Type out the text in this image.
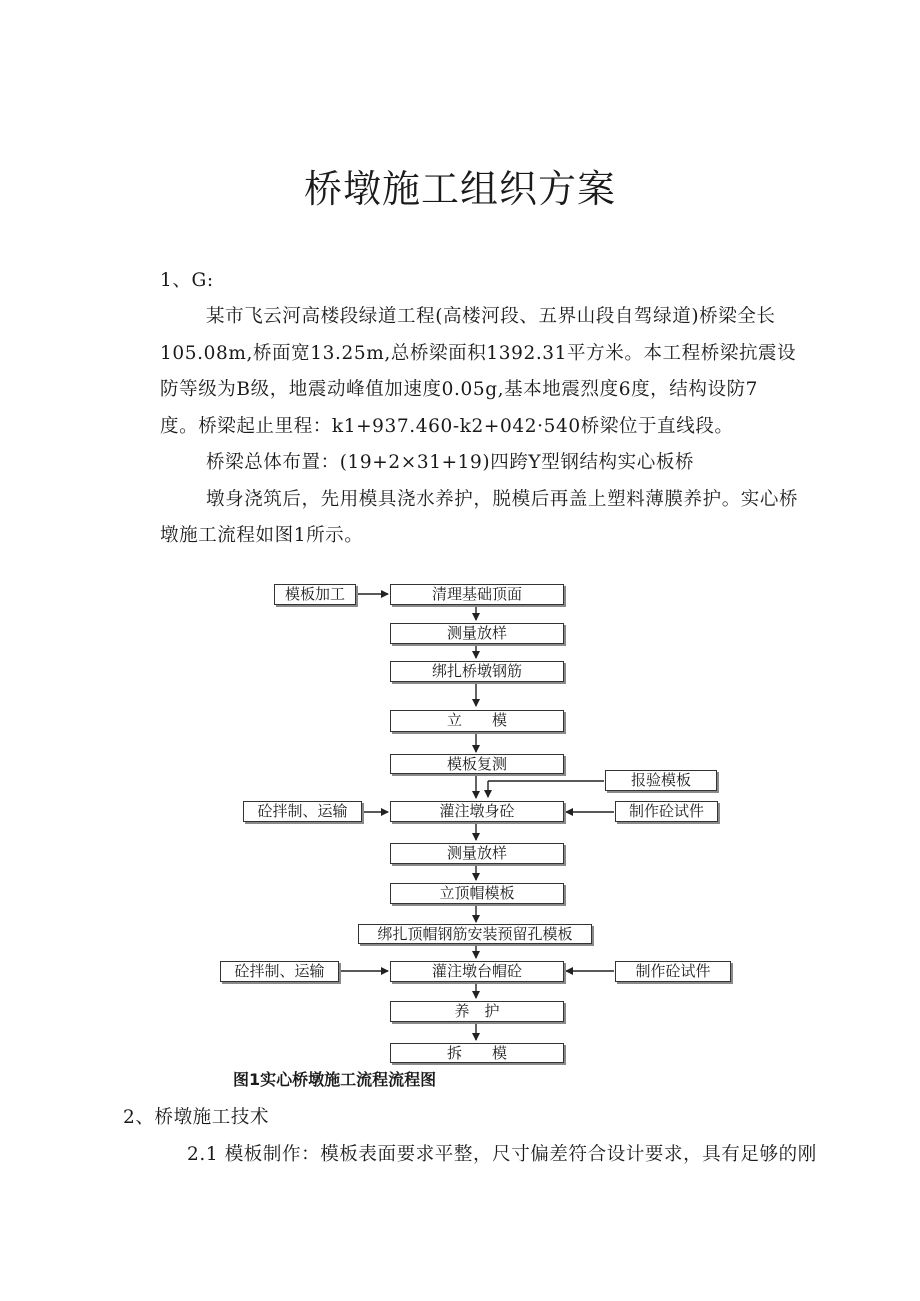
桥墩施工组织方案
1、G:
某市飞云河高楼段绿道工程(高楼河段、五界山段自驾绿道)桥梁全长
105.08m,桥面宽13.25m,总桥梁面积1392.31平方米。本工程桥梁抗震设
防等级为B级，地震动峰值加速度0.05g,基本地震烈度6度，结构设防7
度。桥梁起止里程：k1+937.460-k2+042·540桥梁位于直线段。
桥梁总体布置：(19+2×31+19)四跨Y型钢结构实心板桥
墩身浇筑后，先用模具浇水养护，脱模后再盖上塑料薄膜养护。实心桥
墩施工流程如图1所示。
清理基础顶面
测量放样
绑扎桥墩钢筋
立　　模
模板复测
灌注墩身砼
测量放样
立顶帽模板
绑扎顶帽钢筋安装预留孔模板
灌注墩台帽砼
养　护
拆　　模
模板加工
报验模板
砼拌制、运输	制作砼试件
砼拌制、运输	制作砼试件
图1实心桥墩施工流程流程图
2、桥墩施工技术
2.1 模板制作：模板表面要求平整，尺寸偏差符合设计要求，具有足够的刚
